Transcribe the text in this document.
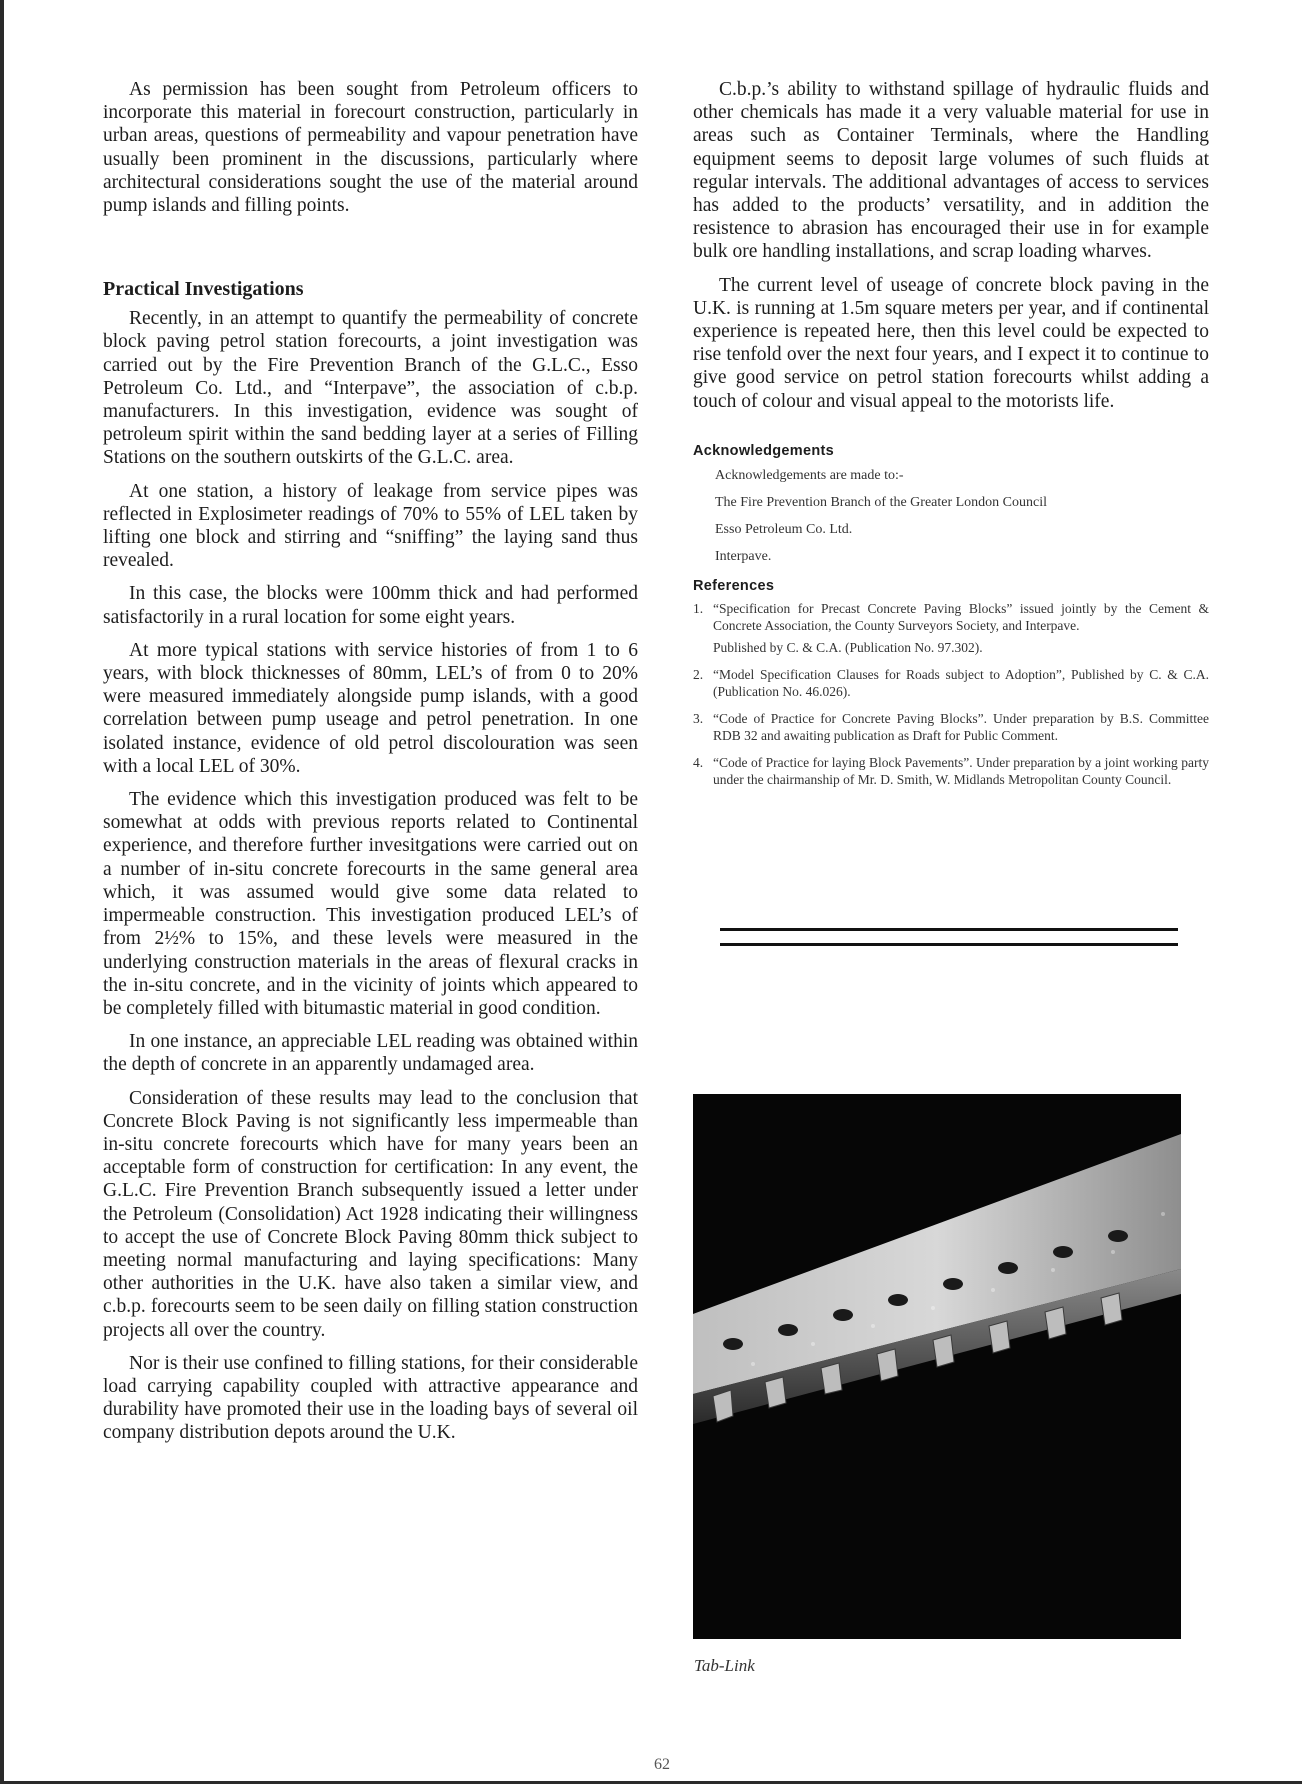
As permission has been sought from Petroleum officers to incorporate this material in forecourt construction, particularly in urban areas, questions of permeability and vapour penetration have usually been prominent in the discussions, particularly where architectural considerations sought the use of the material around pump islands and filling points.

Practical Investigations

Recently, in an attempt to quantify the permeability of concrete block paving petrol station forecourts, a joint investigation was carried out by the Fire Prevention Branch of the G.L.C., Esso Petroleum Co. Ltd., and “Interpave”, the association of c.b.p. manufacturers. In this investigation, evidence was sought of petroleum spirit within the sand bedding layer at a series of Filling Stations on the southern outskirts of the G.L.C. area.

At one station, a history of leakage from service pipes was reflected in Explosimeter readings of 70% to 55% of LEL taken by lifting one block and stirring and “sniffing” the laying sand thus revealed.

In this case, the blocks were 100mm thick and had performed satisfactorily in a rural location for some eight years.

At more typical stations with service histories of from 1 to 6 years, with block thicknesses of 80mm, LEL’s of from 0 to 20% were measured immediately alongside pump islands, with a good correlation between pump useage and petrol penetration. In one isolated instance, evidence of old petrol discolouration was seen with a local LEL of 30%.

The evidence which this investigation produced was felt to be somewhat at odds with previous reports related to Continental experience, and therefore further invesitgations were carried out on a number of in-situ concrete forecourts in the same general area which, it was assumed would give some data related to impermeable construction. This investigation produced LEL’s of from 2½% to 15%, and these levels were measured in the underlying construction materials in the areas of flexural cracks in the in-situ concrete, and in the vicinity of joints which appeared to be completely filled with bitumastic material in good condition.

In one instance, an appreciable LEL reading was obtained within the depth of concrete in an apparently undamaged area.

Consideration of these results may lead to the conclusion that Concrete Block Paving is not significantly less impermeable than in-situ concrete forecourts which have for many years been an acceptable form of construction for certification: In any event, the G.L.C. Fire Prevention Branch subsequently issued a letter under the Petroleum (Consolidation) Act 1928 indicating their willingness to accept the use of Concrete Block Paving 80mm thick subject to meeting normal manufacturing and laying specifications: Many other authorities in the U.K. have also taken a similar view, and c.b.p. forecourts seem to be seen daily on filling station construction projects all over the country.

Nor is their use confined to filling stations, for their considerable load carrying capability coupled with attractive appearance and durability have promoted their use in the loading bays of several oil company distribution depots around the U.K.

C.b.p.’s ability to withstand spillage of hydraulic fluids and other chemicals has made it a very valuable material for use in areas such as Container Terminals, where the Handling equipment seems to deposit large volumes of such fluids at regular intervals. The additional advantages of access to services has added to the products’ versatility, and in addition the resistence to abrasion has encouraged their use in for example bulk ore handling installations, and scrap loading wharves.

The current level of useage of concrete block paving in the U.K. is running at 1.5m square meters per year, and if continental experience is repeated here, then this level could be expected to rise tenfold over the next four years, and I expect it to continue to give good service on petrol station forecourts whilst adding a touch of colour and visual appeal to the motorists life.

Acknowledgements
Acknowledgements are made to:-
The Fire Prevention Branch of the Greater London Council
Esso Petroleum Co. Ltd.
Interpave.
References
1. “Specification for Precast Concrete Paving Blocks” issued jointly by the Cement & Concrete Association, the County Surveyors Society, and Interpave.
Published by C. & C.A. (Publication No. 97.302).
2. “Model Specification Clauses for Roads subject to Adoption”, Published by C. & C.A. (Publication No. 46.026).
3. “Code of Practice for Concrete Paving Blocks”. Under preparation by B.S. Committee RDB 32 and awaiting publication as Draft for Public Comment.
4. “Code of Practice for laying Block Pavements”. Under preparation by a joint working party under the chairmanship of Mr. D. Smith, W. Midlands Metropolitan County Council.
Tab-Link
62
